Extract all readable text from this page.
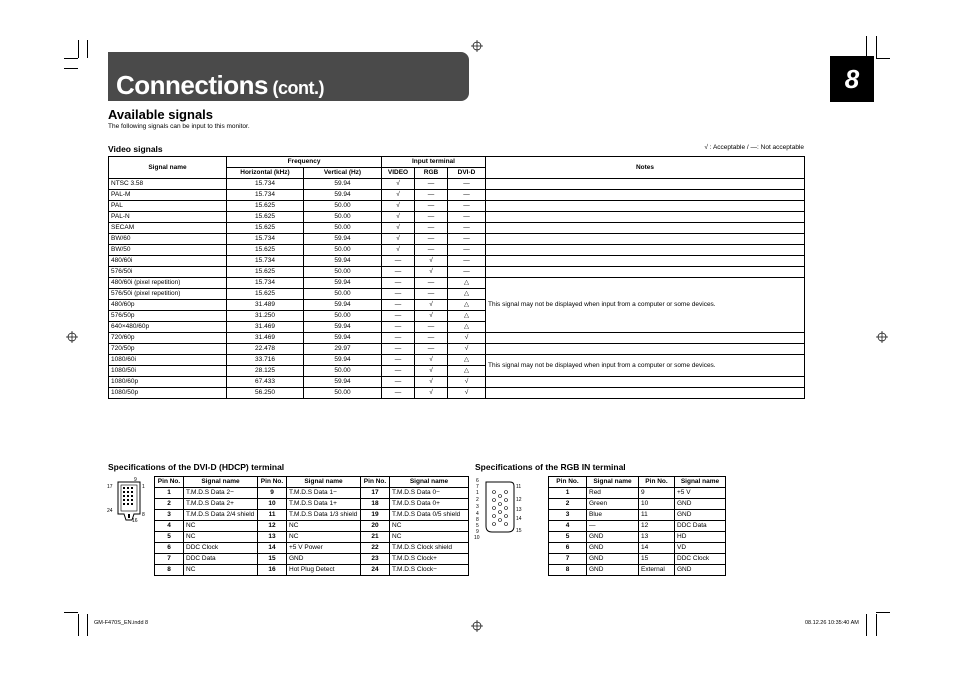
Connections (cont.)	8
Available signals
The following signals can be input to this monitor.
Video signals	√ : Acceptable / —: Not acceptable
Signal name	Frequency		Input terminal			Notes
	Horizontal (kHz)	Vertical (Hz)	VIDEO	RGB	DVI-D	
NTSC 3.58	15.734	59.94	√	—	—	
PAL-M	15.734	59.94	√	—	—	
PAL	15.625	50.00	√	—	—	
PAL-N	15.625	50.00	√	—	—	
SECAM	15.625	50.00	√	—	—	
BW/60	15.734	59.94	√	—	—	
BW/50	15.625	50.00	√	—	—	
480/60i	15.734	59.94	—	√	—	
576/50i	15.625	50.00	—	√	—	
480/60i (pixel repetition)	15.734	59.94	—	—	△	This signal may not be displayed when input from a computer or some devices.
576/50i (pixel repetition)	15.625	50.00	—	—	△	
480/60p	31.489	59.94	—	√	△	
576/50p	31.250	50.00	—	√	△	
640×480/60p	31.469	59.94	—	—	△	
720/60p	31.469	59.94	—	—	√	
720/50p	22.478	29.97	—	—	√	
1080/60i	33.716	59.94	—	√	△	This signal may not be displayed when input from a computer or some devices.
1080/50i	28.125	50.00	—	√	△	
1080/60p	67.433	59.94	—	√	√	
1080/50p	56.250	50.00	—	√	√	
Specifications of the DVI-D (HDCP) terminal
17	1
9
24
16
8
Pin No.	Signal name	Pin No.	Signal name	Pin No.	Signal name
1	T.M.D.S Data 2−	9	T.M.D.S Data 1−	17	T.M.D.S Data 0−
2	T.M.D.S Data 2+	10	T.M.D.S Data 1+	18	T.M.D.S Data 0+
3	T.M.D.S Data 2/4 shield	11	T.M.D.S Data 1/3 shield	19	T.M.D.S Data 0/5 shield
4	NC	12	NC	20	NC
5	NC	13	NC	21	NC
6	DDC Clock	14	+5 V Power	22	T.M.D.S Clock shield
7	DDC Data	15	GND	23	T.M.D.S Clock+
8	NC	16	Hot Plug Detect	24	T.M.D.S Clock−
Specifications of the RGB IN terminal
6
7
1
2
3
4
8
5
9
10
11
12
13
14
15
Pin No.	Signal name	Pin No.	Signal name
1	Red	9	+5 V
2	Green	10	GND
3	Blue	11	GND
4	—	12	DDC Data
5	GND	13	HD
6	GND	14	VD
7	GND	15	DDC Clock
8	GND	External	GND
GM-F470S_EN.indd 8	08.12.26 10:35:40 AM
